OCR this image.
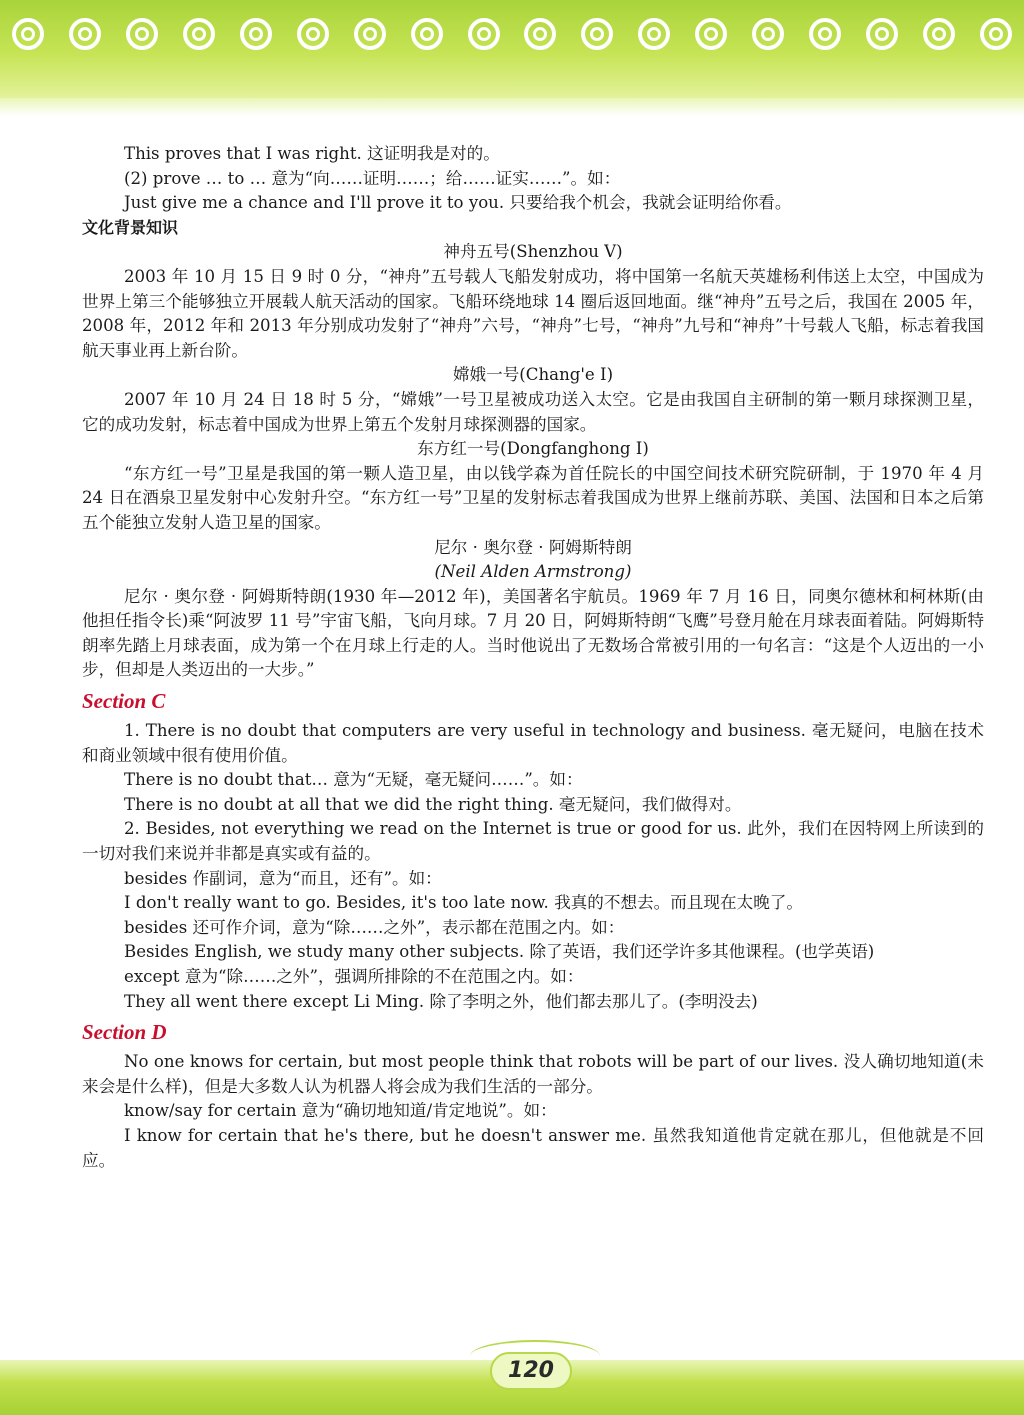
This proves that I was right. 这证明我是对的。

(2) prove … to … 意为“向……证明……；给……证实……”。如：

Just give me a chance and I'll prove it to you. 只要给我个机会，我就会证明给你看。

文化背景知识

神舟五号(Shenzhou V)

2003 年 10 月 15 日 9 时 0 分，“神舟”五号载人飞船发射成功，将中国第一名航天英雄杨利伟送上太空，中国成为世界上第三个能够独立开展载人航天活动的国家。飞船环绕地球 14 圈后返回地面。继“神舟”五号之后，我国在 2005 年，2008 年，2012 年和 2013 年分别成功发射了“神舟”六号，“神舟”七号，“神舟”九号和“神舟”十号载人飞船，标志着我国航天事业再上新台阶。

嫦娥一号(Chang'e I)

2007 年 10 月 24 日 18 时 5 分，“嫦娥”一号卫星被成功送入太空。它是由我国自主研制的第一颗月球探测卫星，它的成功发射，标志着中国成为世界上第五个发射月球探测器的国家。

东方红一号(Dongfanghong I)

“东方红一号”卫星是我国的第一颗人造卫星，由以钱学森为首任院长的中国空间技术研究院研制，于 1970 年 4 月 24 日在酒泉卫星发射中心发射升空。“东方红一号”卫星的发射标志着我国成为世界上继前苏联、美国、法国和日本之后第五个能独立发射人造卫星的国家。

尼尔 · 奥尔登 · 阿姆斯特朗

(Neil Alden Armstrong)

尼尔 · 奥尔登 · 阿姆斯特朗(1930 年—2012 年)，美国著名宇航员。1969 年 7 月 16 日，同奥尔德林和柯林斯(由他担任指令长)乘“阿波罗 11 号”宇宙飞船，飞向月球。7 月 20 日，阿姆斯特朗“飞鹰”号登月舱在月球表面着陆。阿姆斯特朗率先踏上月球表面，成为第一个在月球上行走的人。当时他说出了无数场合常被引用的一句名言：“这是个人迈出的一小步，但却是人类迈出的一大步。”

Section C

1. There is no doubt that computers are very useful in technology and business. 毫无疑问，电脑在技术和商业领域中很有使用价值。

There is no doubt that… 意为“无疑，毫无疑问……”。如：

There is no doubt at all that we did the right thing. 毫无疑问，我们做得对。

2. Besides, not everything we read on the Internet is true or good for us. 此外，我们在因特网上所读到的一切对我们来说并非都是真实或有益的。

besides 作副词，意为“而且，还有”。如：

I don't really want to go. Besides, it's too late now. 我真的不想去。而且现在太晚了。

besides 还可作介词，意为“除……之外”，表示都在范围之内。如：

Besides English, we study many other subjects. 除了英语，我们还学许多其他课程。(也学英语)

except 意为“除……之外”，强调所排除的不在范围之内。如：

They all went there except Li Ming. 除了李明之外，他们都去那儿了。(李明没去)

Section D

No one knows for certain, but most people think that robots will be part of our lives. 没人确切地知道(未来会是什么样)，但是大多数人认为机器人将会成为我们生活的一部分。

know/say for certain 意为“确切地知道/肯定地说”。如：

I know for certain that he's there, but he doesn't answer me. 虽然我知道他肯定就在那儿，但他就是不回应。

120
